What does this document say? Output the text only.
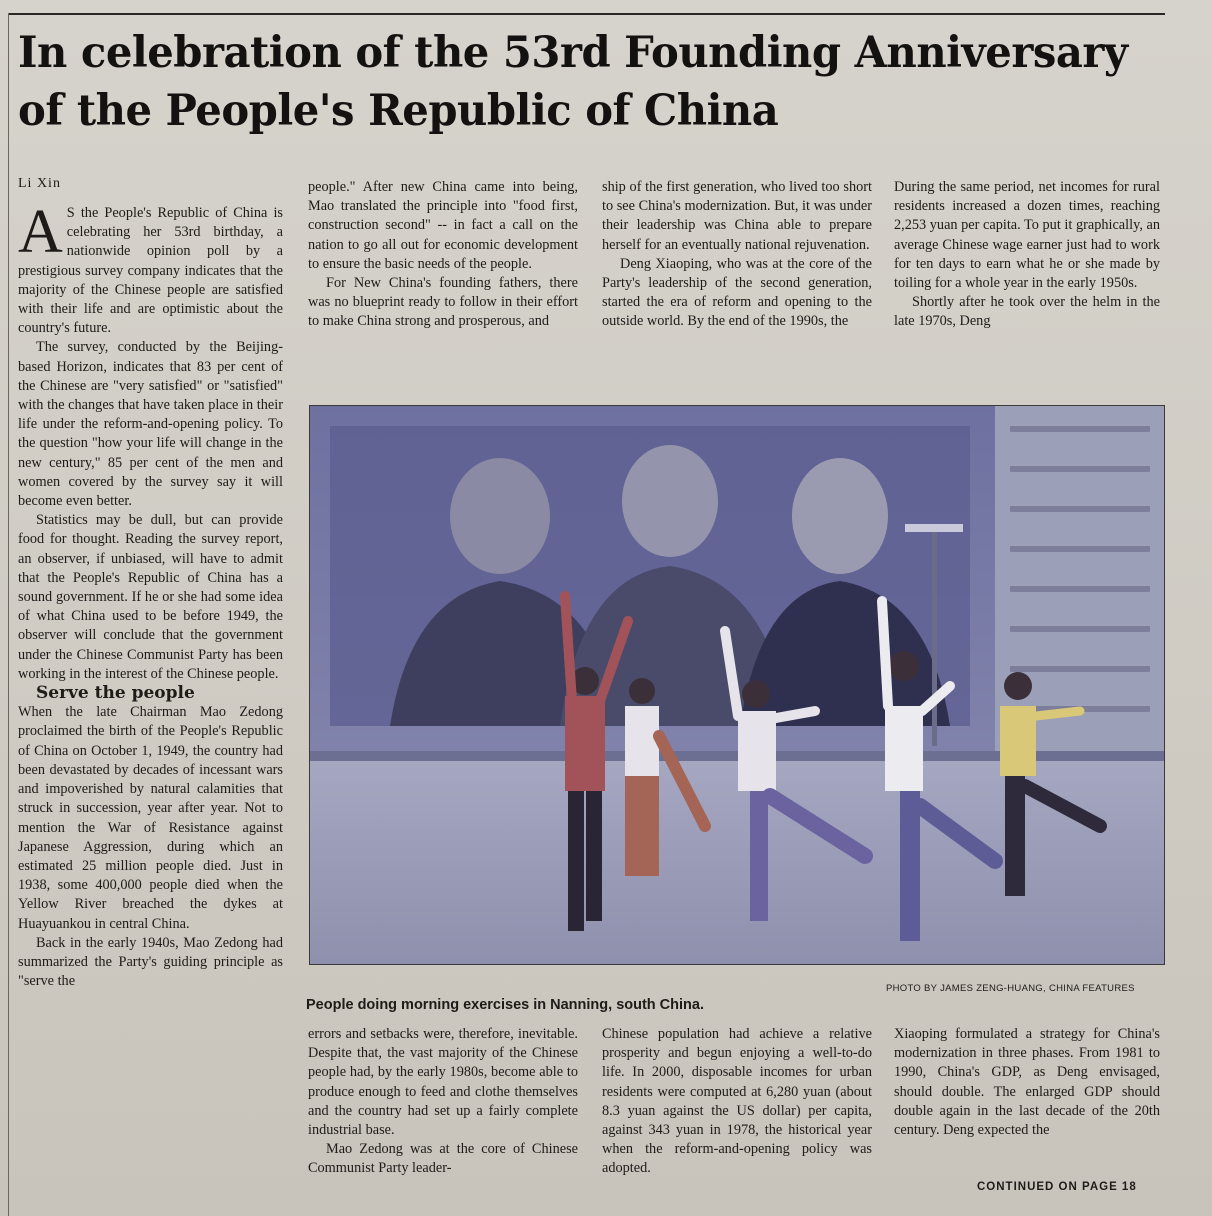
In celebration of the 53rd Founding Anniversary
of the People's Republic of China
Li Xin

A S the People's Republic of China is celebrating her 53rd birthday, a nationwide opinion poll by a prestigious survey company indicates that the majority of the Chinese people are satisfied with their life and are optimistic about the country's future.

The survey, conducted by the Beijing-based Horizon, indicates that 83 per cent of the Chinese are "very satisfied" or "satisfied" with the changes that have taken place in their life under the reform-and-opening policy. To the question "how your life will change in the new century," 85 per cent of the men and women covered by the survey say it will become even better.

Statistics may be dull, but can provide food for thought. Reading the survey report, an observer, if unbiased, will have to admit that the People's Republic of China has a sound government. If he or she had some idea of what China used to be before 1949, the observer will conclude that the government under the Chinese Communist Party has been working in the interest of the Chinese people.

Serve the people

When the late Chairman Mao Zedong proclaimed the birth of the People's Republic of China on October 1, 1949, the country had been devastated by decades of incessant wars and impoverished by natural calamities that struck in succession, year after year. Not to mention the War of Resistance against Japanese Aggression, during which an estimated 25 million people died. Just in 1938, some 400,000 people died when the Yellow River breached the dykes at Huayuankou in central China.

Back in the early 1940s, Mao Zedong had summarized the Party's guiding principle as "serve the

people." After new China came into being, Mao translated the principle into "food first, construction second" -- in fact a call on the nation to go all out for economic development to ensure the basic needs of the people.

For New China's founding fathers, there was no blueprint ready to follow in their effort to make China strong and prosperous, and

ship of the first generation, who lived too short to see China's modernization. But, it was under their leadership was China able to prepare herself for an eventually national rejuvenation.

Deng Xiaoping, who was at the core of the Party's leadership of the second generation, started the era of reform and opening to the outside world. By the end of the 1990s, the

During the same period, net incomes for rural residents increased a dozen times, reaching 2,253 yuan per capita. To put it graphically, an average Chinese wage earner just had to work for ten days to earn what he or she made by toiling for a whole year in the early 1950s.

Shortly after he took over the helm in the late 1970s, Deng

PHOTO BY JAMES ZENG-HUANG, CHINA FEATURES
People doing morning exercises in Nanning, south China.

errors and setbacks were, therefore, inevitable. Despite that, the vast majority of the Chinese people had, by the early 1980s, become able to produce enough to feed and clothe themselves and the country had set up a fairly complete industrial base.

Mao Zedong was at the core of Chinese Communist Party leader-

Chinese population had achieve a relative prosperity and begun enjoying a well-to-do life. In 2000, disposable incomes for urban residents were computed at 6,280 yuan (about 8.3 yuan against the US dollar) per capita, against 343 yuan in 1978, the historical year when the reform-and-opening policy was adopted.

Xiaoping formulated a strategy for China's modernization in three phases. From 1981 to 1990, China's GDP, as Deng envisaged, should double. The enlarged GDP should double again in the last decade of the 20th century. Deng expected the

CONTINUED ON PAGE 18
